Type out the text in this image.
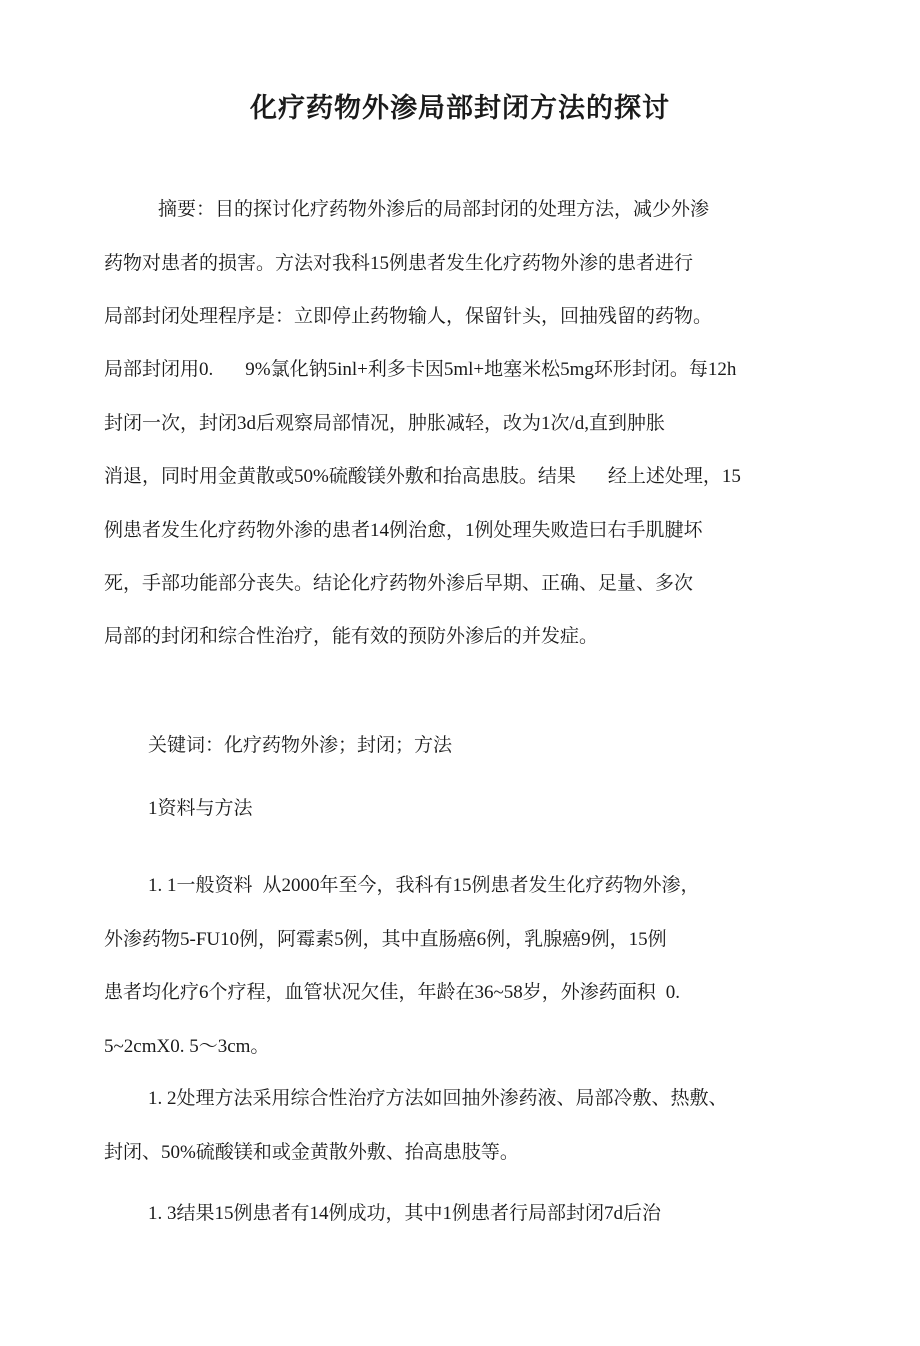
化疗药物外渗局部封闭方法的探讨
摘要：目的探讨化疗药物外渗后的局部封闭的处理方法，减少外渗
药物对患者的损害。方法对我科15例患者发生化疗药物外渗的患者进行
局部封闭处理程序是：立即停止药物输人，保留针头，回抽残留的药物。
局部封闭用0. 9%氯化钠5inl+利多卡因5ml+地塞米松5mg环形封闭。每12h
封闭一次，封闭3d后观察局部情况，肿胀减轻，改为1次/d,直到肿胀
消退，同时用金黄散或50%硫酸镁外敷和抬高患肢。结果 经上述处理，15
例患者发生化疗药物外渗的患者14例治愈，1例处理失败造曰右手肌腱坏
死，手部功能部分丧失。结论化疗药物外渗后早期、正确、足量、多次
局部的封闭和综合性治疗，能有效的预防外渗后的并发症。
关键词：化疗药物外渗；封闭；方法
1资料与方法
1. 1一般资料 从2000年至今，我科有15例患者发生化疗药物外渗，
外渗药物5-FU10例，阿霉素5例，其中直肠癌6例，乳腺癌9例，15例
患者均化疗6个疗程，血管状况欠佳，年龄在36~58岁，外渗药面积 0.
5~2cmX0. 5〜3cm。
1. 2处理方法采用综合性治疗方法如回抽外渗药液、局部冷敷、热敷、
封闭、50%硫酸镁和或金黄散外敷、抬高患肢等。
1. 3结果15例患者有14例成功，其中1例患者行局部封闭7d后治
